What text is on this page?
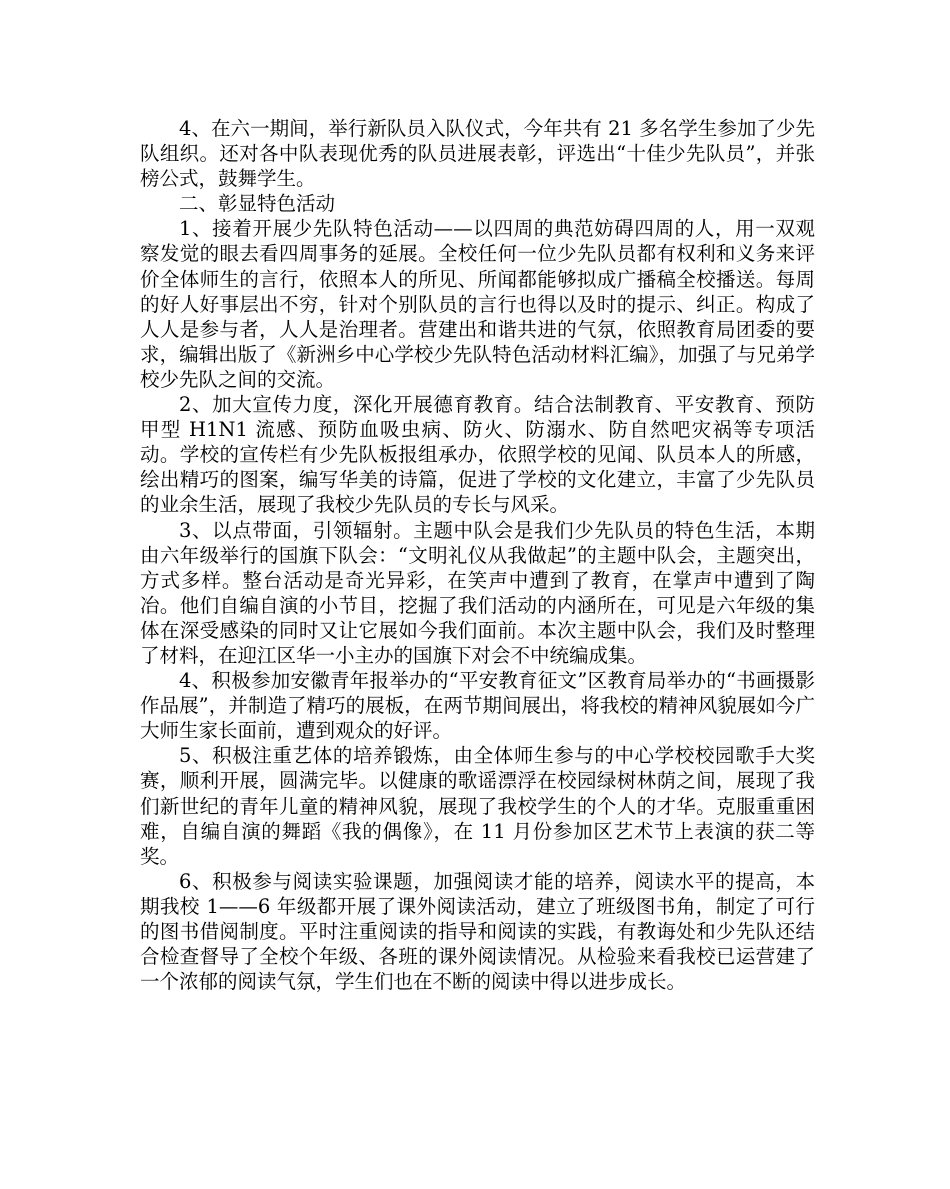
4、在六一期间，举行新队员入队仪式，今年共有 21 多名学生参加了少先队组织。还对各中队表现优秀的队员进展表彰，评选出“十佳少先队员”，并张榜公式，鼓舞学生。

二、彰显特色活动

1、接着开展少先队特色活动——以四周的典范妨碍四周的人，用一双观察发觉的眼去看四周事务的延展。全校任何一位少先队员都有权利和义务来评价全体师生的言行，依照本人的所见、所闻都能够拟成广播稿全校播送。每周的好人好事层出不穷，针对个别队员的言行也得以及时的提示、纠正。构成了人人是参与者，人人是治理者。营建出和谐共进的气氛，依照教育局团委的要求，编辑出版了《新洲乡中心学校少先队特色活动材料汇编》，加强了与兄弟学校少先队之间的交流。

2、加大宣传力度，深化开展德育教育。结合法制教育、平安教育、预防甲型 H1N1 流感、预防血吸虫病、防火、防溺水、防自然吧灾祸等专项活动。学校的宣传栏有少先队板报组承办，依照学校的见闻、队员本人的所感，绘出精巧的图案，编写华美的诗篇，促进了学校的文化建立，丰富了少先队员的业余生活，展现了我校少先队员的专长与风采。

3、以点带面，引领辐射。主题中队会是我们少先队员的特色生活，本期由六年级举行的国旗下队会：“文明礼仪从我做起”的主题中队会，主题突出，方式多样。整台活动是奇光异彩，在笑声中遭到了教育，在掌声中遭到了陶冶。他们自编自演的小节目，挖掘了我们活动的内涵所在，可见是六年级的集体在深受感染的同时又让它展如今我们面前。本次主题中队会，我们及时整理了材料，在迎江区华一小主办的国旗下对会不中统编成集。

4、积极参加安徽青年报举办的“平安教育征文”区教育局举办的“书画摄影作品展”，并制造了精巧的展板，在两节期间展出，将我校的精神风貌展如今广大师生家长面前，遭到观众的好评。

5、积极注重艺体的培养锻炼，由全体师生参与的中心学校校园歌手大奖赛，顺利开展，圆满完毕。以健康的歌谣漂浮在校园绿树林荫之间，展现了我们新世纪的青年儿童的精神风貌，展现了我校学生的个人的才华。克服重重困难，自编自演的舞蹈《我的偶像》，在 11 月份参加区艺术节上表演的获二等奖。

6、积极参与阅读实验课题，加强阅读才能的培养，阅读水平的提高，本期我校 1——6 年级都开展了课外阅读活动，建立了班级图书角，制定了可行的图书借阅制度。平时注重阅读的指导和阅读的实践，有教诲处和少先队还结合检查督导了全校个年级、各班的课外阅读情况。从检验来看我校已运营建了一个浓郁的阅读气氛，学生们也在不断的阅读中得以进步成长。
